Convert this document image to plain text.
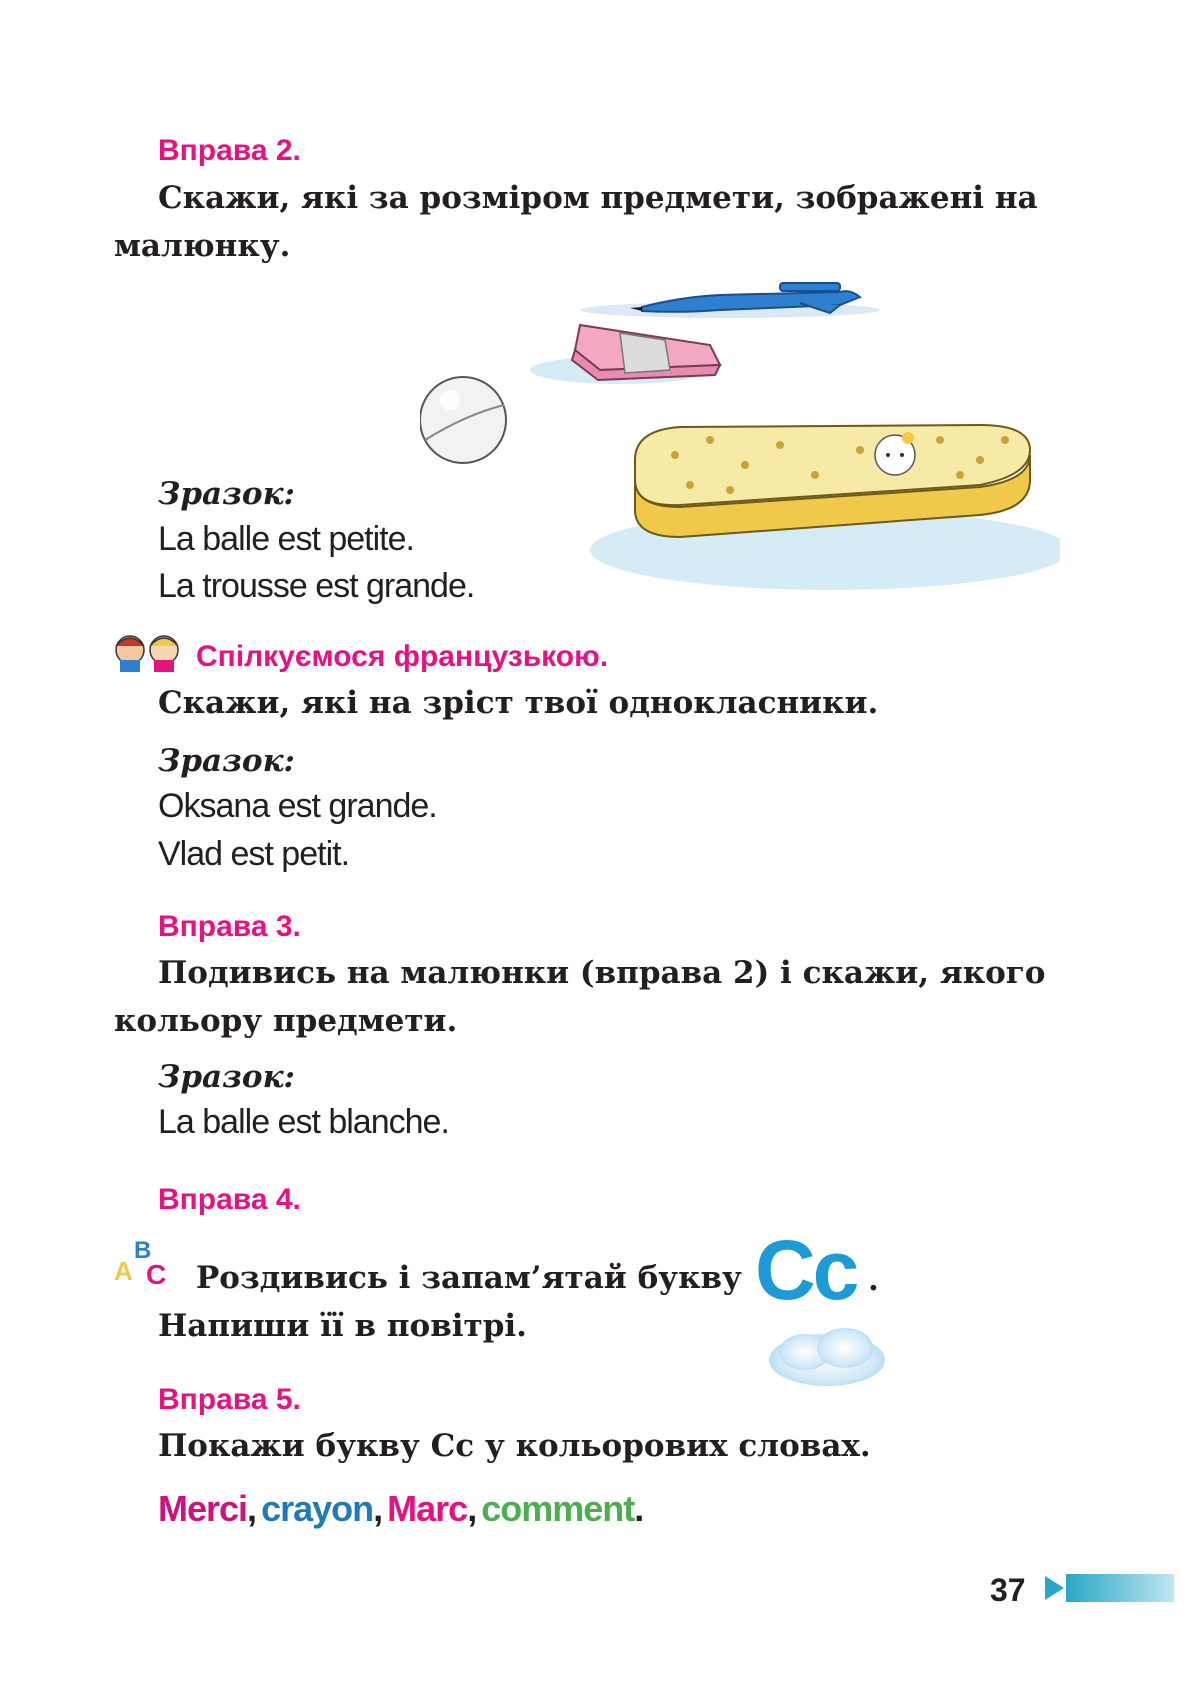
Вправа 2.
Скажи, які за розміром предмети, зображені на
малюнку.
Зразок:
La balle est petite.
La trousse est grande.
Спілкуємося французькою.
Скажи, які на зріст твої однокласники.
Зразок:
Oksana est grande.
Vlad est petit.
Вправа 3.
Подивись на малюнки (вправа 2) і скажи, якого
кольору предмети.
Зразок:
La balle est blanche.
Вправа 4.
B
A C Роздивись і запам’ятай букву Cc .
Напиши її в повітрі.
Вправа 5.
Покажи букву Cc у кольорових словах.
Merci, crayon, Marc, comment.
37
